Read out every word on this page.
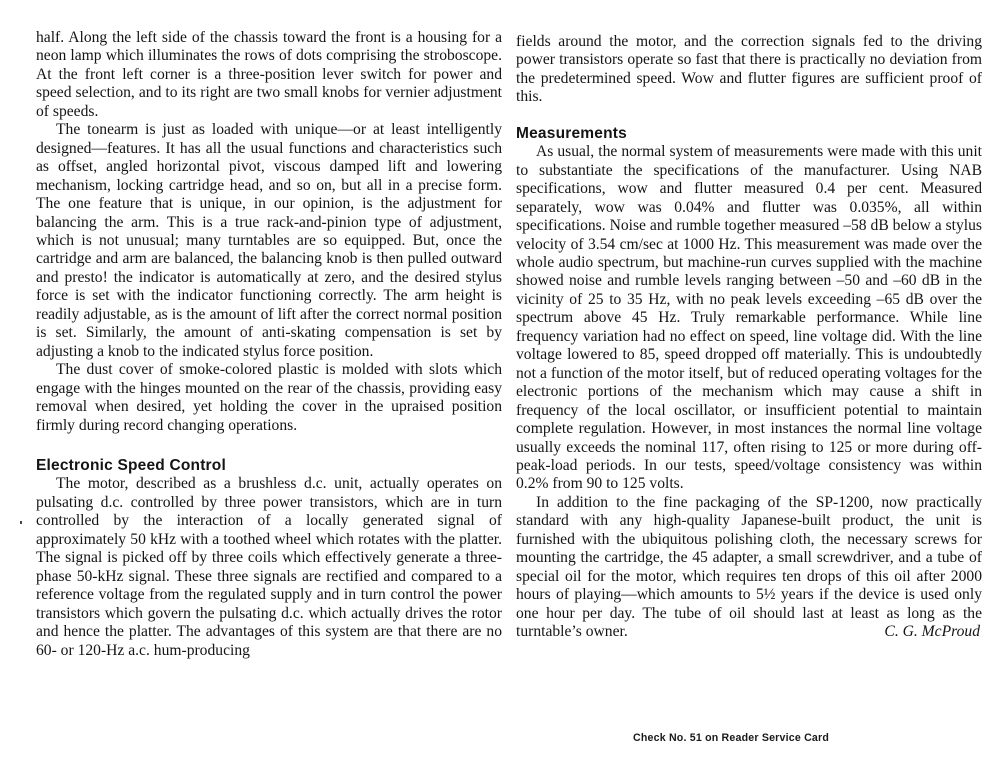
half. Along the left side of the chassis toward the front is a housing for a neon lamp which illuminates the rows of dots comprising the stroboscope. At the front left corner is a three-position lever switch for power and speed selection, and to its right are two small knobs for vernier adjustment of speeds.

The tonearm is just as loaded with unique—or at least intelligently designed—features. It has all the usual functions and characteristics such as offset, angled horizontal pivot, viscous damped lift and lowering mechanism, locking cartridge head, and so on, but all in a precise form. The one feature that is unique, in our opinion, is the adjustment for balancing the arm. This is a true rack-and-pinion type of adjustment, which is not unusual; many turntables are so equipped. But, once the cartridge and arm are balanced, the balancing knob is then pulled outward and presto! the indicator is automatically at zero, and the desired stylus force is set with the indicator functioning correctly. The arm height is readily adjustable, as is the amount of lift after the correct normal position is set. Similarly, the amount of anti-skating compensation is set by adjusting a knob to the indicated stylus force position.

The dust cover of smoke-colored plastic is molded with slots which engage with the hinges mounted on the rear of the chassis, providing easy removal when desired, yet holding the cover in the upraised position firmly during record changing operations.

Electronic Speed Control

The motor, described as a brushless d.c. unit, actually operates on pulsating d.c. controlled by three power transistors, which are in turn controlled by the interaction of a locally generated signal of approximately 50 kHz with a toothed wheel which rotates with the platter. The signal is picked off by three coils which effectively generate a three-phase 50-kHz signal. These three signals are rectified and compared to a reference voltage from the regulated supply and in turn control the power transistors which govern the pulsating d.c. which actually drives the rotor and hence the platter. The advantages of this system are that there are no 60- or 120-Hz a.c. hum-producing

fields around the motor, and the correction signals fed to the driving power transistors operate so fast that there is practically no deviation from the predetermined speed. Wow and flutter figures are sufficient proof of this.

Measurements

As usual, the normal system of measurements were made with this unit to substantiate the specifications of the manufacturer. Using NAB specifications, wow and flutter measured 0.4 per cent. Measured separately, wow was 0.04% and flutter was 0.035%, all within specifications. Noise and rumble together measured –58 dB below a stylus velocity of 3.54 cm/sec at 1000 Hz. This measurement was made over the whole audio spectrum, but machine-run curves supplied with the machine showed noise and rumble levels ranging between –50 and –60 dB in the vicinity of 25 to 35 Hz, with no peak levels exceeding –65 dB over the spectrum above 45 Hz. Truly remarkable performance. While line frequency variation had no effect on speed, line voltage did. With the line voltage lowered to 85, speed dropped off materially. This is undoubtedly not a function of the motor itself, but of reduced operating voltages for the electronic portions of the mechanism which may cause a shift in frequency of the local oscillator, or insufficient potential to maintain complete regulation. However, in most instances the normal line voltage usually exceeds the nominal 117, often rising to 125 or more during off-peak-load periods. In our tests, speed/voltage consistency was within 0.2% from 90 to 125 volts.

In addition to the fine packaging of the SP-1200, now practically standard with any high-quality Japanese-built product, the unit is furnished with the ubiquitous polishing cloth, the necessary screws for mounting the cartridge, the 45 adapter, a small screwdriver, and a tube of special oil for the motor, which requires ten drops of this oil after 2000 hours of playing—which amounts to 5½ years if the device is used only one hour per day. The tube of oil should last at least as long as the turntable’s owner.	C. G. McProud

Check No. 51 on Reader Service Card
